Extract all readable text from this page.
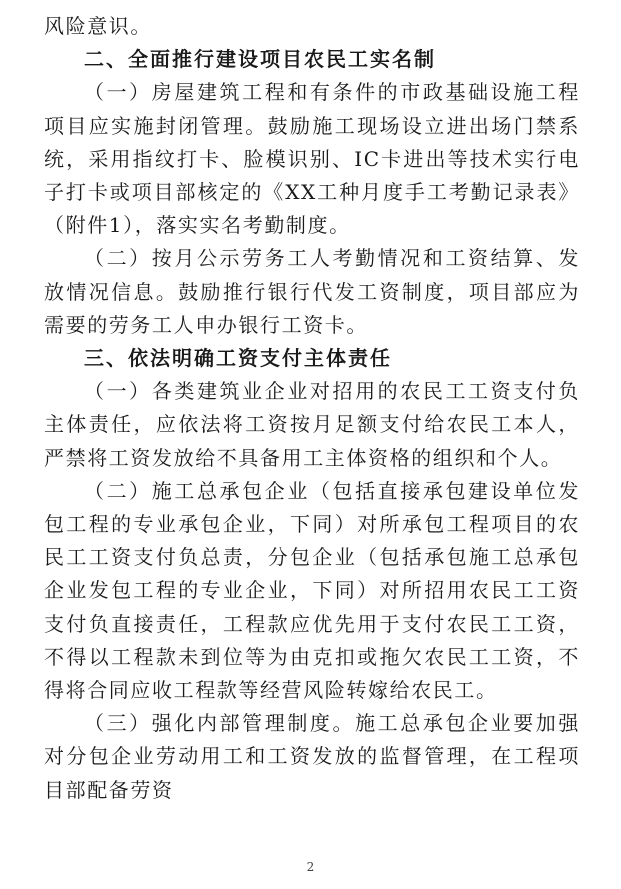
风险意识。

二、全面推行建设项目农民工实名制

（一）房屋建筑工程和有条件的市政基础设施工程项目应实施封闭管理。鼓励施工现场设立进出场门禁系统，采用指纹打卡、脸模识别、IC卡进出等技术实行电子打卡或项目部核定的《XX工种月度手工考勤记录表》（附件1），落实实名考勤制度。

（二）按月公示劳务工人考勤情况和工资结算、发放情况信息。鼓励推行银行代发工资制度，项目部应为需要的劳务工人申办银行工资卡。

三、依法明确工资支付主体责任

（一）各类建筑业企业对招用的农民工工资支付负主体责任，应依法将工资按月足额支付给农民工本人，严禁将工资发放给不具备用工主体资格的组织和个人。

（二）施工总承包企业（包括直接承包建设单位发包工程的专业承包企业，下同）对所承包工程项目的农民工工资支付负总责，分包企业（包括承包施工总承包企业发包工程的专业企业，下同）对所招用农民工工资支付负直接责任，工程款应优先用于支付农民工工资，不得以工程款未到位等为由克扣或拖欠农民工工资，不得将合同应收工程款等经营风险转嫁给农民工。

（三）强化内部管理制度。施工总承包企业要加强对分包企业劳动用工和工资发放的监督管理，在工程项目部配备劳资

2
